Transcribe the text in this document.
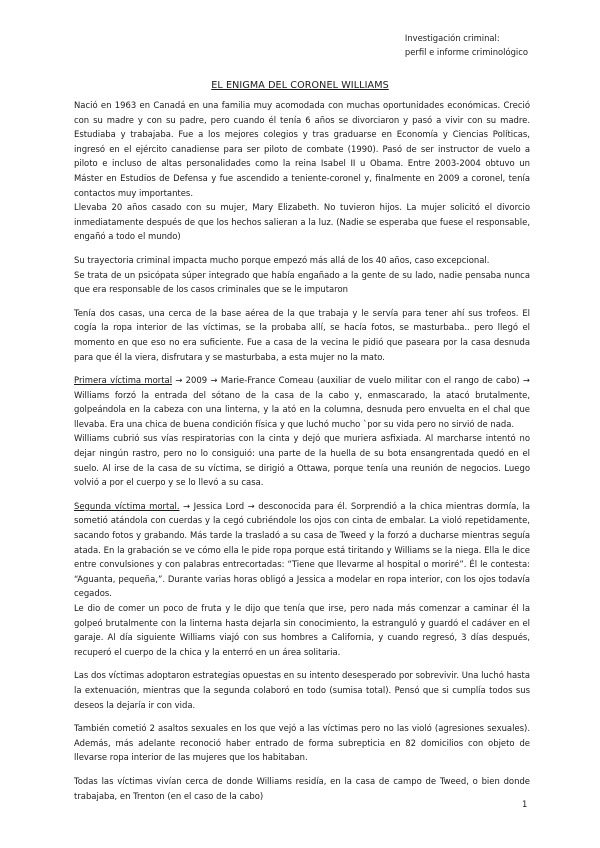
Investigación criminal:
perfil e informe criminológico
EL ENIGMA DEL CORONEL WILLIAMS

Nació en 1963 en Canadá en una familia muy acomodada con muchas oportunidades económicas. Creció con su madre y con su padre, pero cuando él tenía 6 años se divorciaron y pasó a vivir con su madre. Estudiaba y trabajaba. Fue a los mejores colegios y tras graduarse en Economía y Ciencias Políticas, ingresó en el ejército canadiense para ser piloto de combate (1990). Pasó de ser instructor de vuelo a piloto e incluso de altas personalidades como la reina Isabel II u Obama. Entre 2003-2004 obtuvo un Máster en Estudios de Defensa y fue ascendido a teniente-coronel y, finalmente en 2009 a coronel, tenía contactos muy importantes.

Llevaba 20 años casado con su mujer, Mary Elizabeth. No tuvieron hijos. La mujer solicitó el divorcio inmediatamente después de que los hechos salieran a la luz. (Nadie se esperaba que fuese el responsable, engañó a todo el mundo)

Su trayectoria criminal impacta mucho porque empezó más allá de los 40 años, caso excepcional.

Se trata de un psicópata súper integrado que había engañado a la gente de su lado, nadie pensaba nunca que era responsable de los casos criminales que se le imputaron

Tenía dos casas, una cerca de la base aérea de la que trabaja y le servía para tener ahí sus trofeos. El cogía la ropa interior de las víctimas, se la probaba allí, se hacía fotos, se masturbaba.. pero llegó el momento en que eso no era suficiente. Fue a casa de la vecina le pidió que paseara por la casa desnuda para que él la viera, disfrutara y se masturbaba, a esta mujer no la mato.

Primera víctima mortal → 2009 → Marie-France Comeau (auxiliar de vuelo militar con el rango de cabo) → Williams forzó la entrada del sótano de la casa de la cabo y, enmascarado, la atacó brutalmente, golpeándola en la cabeza con una linterna, y la ató en la columna, desnuda pero envuelta en el chal que llevaba. Era una chica de buena condición física y que luchó mucho `por su vida pero no sirvió de nada.

Williams cubrió sus vías respiratorias con la cinta y dejó que muriera asfixiada. Al marcharse intentó no dejar ningún rastro, pero no lo consiguió: una parte de la huella de su bota ensangrentada quedó en el suelo. Al irse de la casa de su víctima, se dirigió a Ottawa, porque tenía una reunión de negocios. Luego volvió a por el cuerpo y se lo llevó a su casa.

Segunda víctima mortal. → Jessica Lord → desconocida para él. Sorprendió a la chica mientras dormía, la sometió atándola con cuerdas y la cegó cubriéndole los ojos con cinta de embalar. La violó repetidamente, sacando fotos y grabando. Más tarde la trasladó a su casa de Tweed y la forzó a ducharse mientras seguía atada. En la grabación se ve cómo ella le pide ropa porque está tiritando y Williams se la niega. Ella le dice entre convulsiones y con palabras entrecortadas: “Tiene que llevarme al hospital o moriré”. Él le contesta: “Aguanta, pequeña,”. Durante varias horas obligó a Jessica a modelar en ropa interior, con los ojos todavía cegados.

Le dio de comer un poco de fruta y le dijo que tenía que irse, pero nada más comenzar a caminar él la golpeó brutalmente con la linterna hasta dejarla sin conocimiento, la estranguló y guardó el cadáver en el garaje. Al día siguiente Williams viajó con sus hombres a California, y cuando regresó, 3 días después, recuperó el cuerpo de la chica y la enterró en un área solitaria.

Las dos víctimas adoptaron estrategias opuestas en su intento desesperado por sobrevivir. Una luchó hasta la extenuación, mientras que la segunda colaboró en todo (sumisa total). Pensó que si cumplía todos sus deseos la dejaría ir con vida.

También cometió 2 asaltos sexuales en los que vejó a las víctimas pero no las violó (agresiones sexuales). Además, más adelante reconoció haber entrado de forma subrepticia en 82 domicilios con objeto de llevarse ropa interior de las mujeres que los habitaban.

Todas las víctimas vivían cerca de donde Williams residía, en la casa de campo de Tweed, o bien donde trabajaba, en Trenton (en el caso de la cabo)

1
